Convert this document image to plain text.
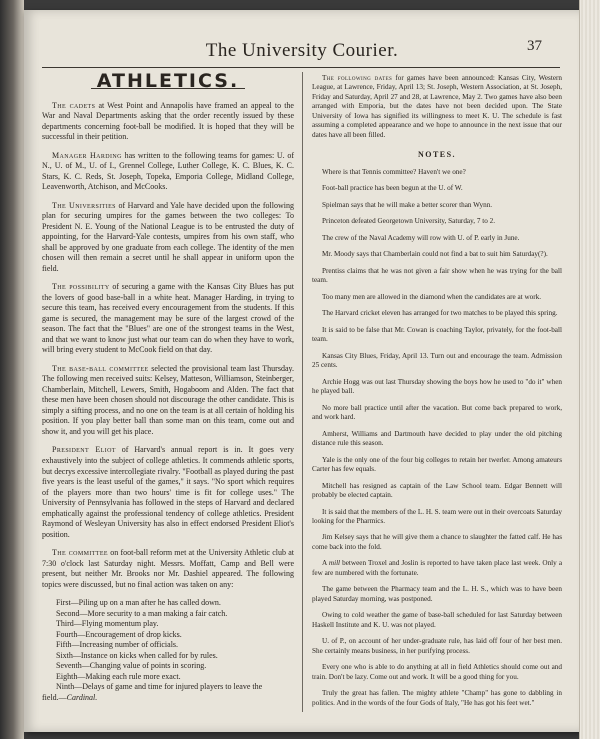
The University Courier.	37
ATHLETICS.

The cadets at West Point and Annapolis have framed an appeal to the War and Naval Departments asking that the order recently issued by these departments concerning foot-ball be modified. It is hoped that they will be successful in their petition.

Manager Harding has written to the following teams for games: U. of N., U. of M., U. of I., Grennel College, Luther College, K. C. Blues, K. C. Stars, K. C. Reds, St. Joseph, Topeka, Emporia College, Midland College, Leavenworth, Atchison, and McCooks.

The Universities of Harvard and Yale have decided upon the following plan for securing umpires for the games between the two colleges: To President N. E. Young of the National League is to be entrusted the duty of appointing, for the Harvard-Yale contests, umpires from his own staff, who shall be approved by one graduate from each college. The identity of the men chosen will then remain a secret until he shall appear in uniform upon the field.

The possibility of securing a game with the Kansas City Blues has put the lovers of good base-ball in a white heat. Manager Harding, in trying to secure this team, has received every encouragement from the students. If this game is secured, the management may be sure of the largest crowd of the season. The fact that the "Blues" are one of the strongest teams in the West, and that we want to know just what our team can do when they have to work, will bring every student to McCook field on that day.

The base-ball committee selected the provisional team last Thursday. The following men received suits: Kelsey, Matteson, Williamson, Steinberger, Chamberlain, Mitchell, Lewers, Smith, Hogaboom and Alden. The fact that these men have been chosen should not discourage the other candidate. This is simply a sifting process, and no one on the team is at all certain of holding his position. If you play better ball than some man on this team, come out and show it, and you will get his place.

President Eliot of Harvard's annual report is in. It goes very exhaustively into the subject of college athletics. It commends athletic sports, but decrys excessive intercollegiate rivalry. "Football as played during the past five years is the least useful of the games," it says. "No sport which requires of the players more than two hours' time is fit for college uses." The University of Pennsylvania has followed in the steps of Harvard and declared emphatically against the professional tendency of college athletics. President Raymond of Wesleyan University has also in effect endorsed President Eliot's position.

The committee on foot-ball reform met at the University Athletic club at 7:30 o'clock last Saturday night. Messrs. Moffatt, Camp and Bell were present, but neither Mr. Brooks nor Mr. Dashiel appeared. The following topics were discussed, but no final action was taken on any:

First—Piling up on a man after he has called down.
Second—More security to a man making a fair catch.
Third—Flying momentum play.
Fourth—Encouragement of drop kicks.
Fifth—Increasing number of officials.
Sixth—Instance on kicks when called for by rules.
Seventh—Changing value of points in scoring.
Eighth—Making each rule more exact.
Ninth—Delays of game and time for injured players to leave the

field.—Cardinal.

The following dates for games have been announced: Kansas City, Western League, at Lawrence, Friday, April 13; St. Joseph, Western Association, at St. Joseph, Friday and Saturday, April 27 and 28, at Lawrence, May 2. Two games have also been arranged with Emporia, but the dates have not been decided upon. The State University of Iowa has signified its willingness to meet K. U. The schedule is fast assuming a completed appearance and we hope to announce in the next issue that our dates have all been filled.

NOTES.

Where is that Tennis committee? Haven't we one?

Foot-ball practice has been begun at the U. of W.

Spielman says that he will make a better scorer than Wynn.

Princeton defeated Georgetown University, Saturday, 7 to 2.

The crew of the Naval Academy will row with U. of P. early in June.

Mr. Moody says that Chamberlain could not find a bat to suit him Saturday(?).

Prentiss claims that he was not given a fair show when he was trying for the ball team.

Too many men are allowed in the diamond when the candidates are at work.

The Harvard cricket eleven has arranged for two matches to be played this spring.

It is said to be false that Mr. Cowan is coaching Taylor, privately, for the foot-ball team.

Kansas City Blues, Friday, April 13. Turn out and encourage the team. Admission 25 cents.

Archie Hogg was out last Thursday showing the boys how he used to "do it" when he played ball.

No more ball practice until after the vacation. But come back prepared to work, and work hard.

Amherst, Williams and Dartmouth have decided to play under the old pitching distance rule this season.

Yale is the only one of the four big colleges to retain her twerler. Among amateurs Carter has few equals.

Mitchell has resigned as captain of the Law School team. Edgar Bennett will probably be elected captain.

It is said that the members of the L. H. S. team were out in their overcoats Saturday looking for the Pharmics.

Jim Kelsey says that he will give them a chance to slaughter the fatted calf. He has come back into the fold.

A mill between Troxel and Joslin is reported to have taken place last week. Only a few are numbered with the fortunate.

The game between the Pharmacy team and the L. H. S., which was to have been played Saturday morning, was postponed.

Owing to cold weather the game of base-ball scheduled for last Saturday between Haskell Institute and K. U. was not played.

U. of P., on account of her under-graduate rule, has laid off four of her best men. She certainly means business, in her purifying process.

Every one who is able to do anything at all in field Athletics should come out and train. Don't be lazy. Come out and work. It will be a good thing for you.

Truly the great has fallen. The mighty athlete "Champ" has gone to dabbling in politics. And in the words of the four Gods of Italy, "He has got his feet wet."
